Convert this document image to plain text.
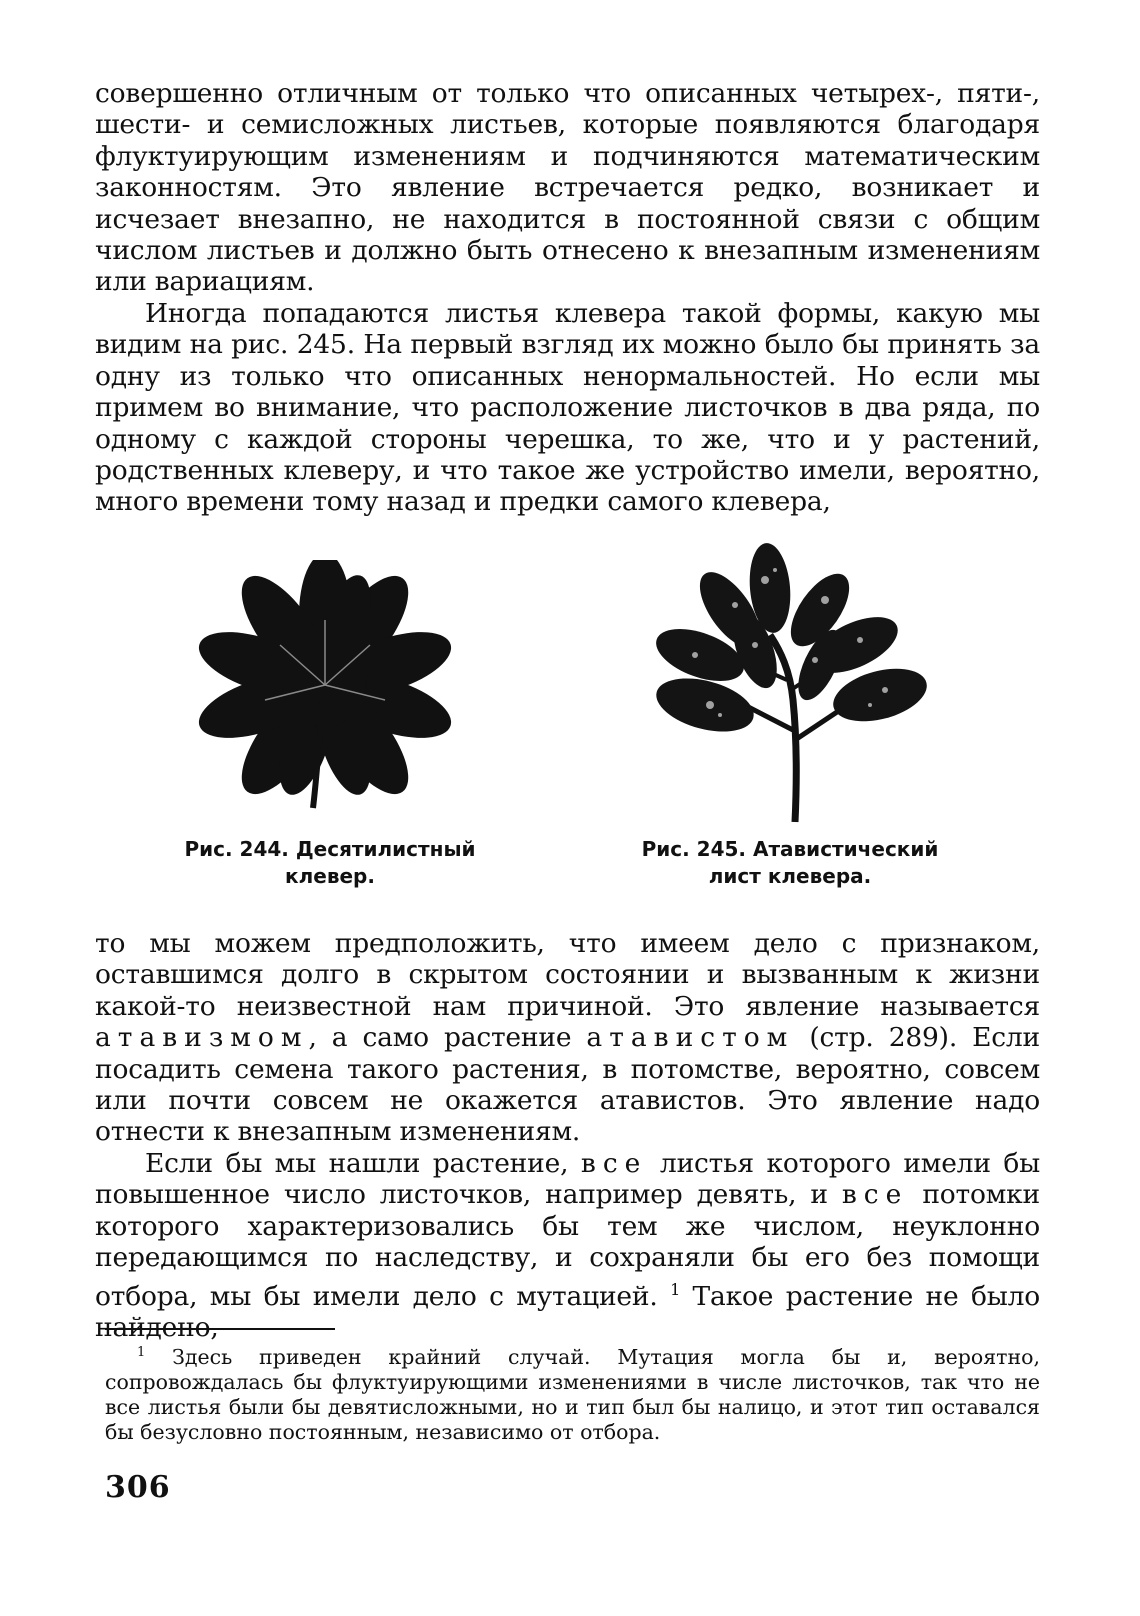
совершенно отличным от только что описанных четырех-, пяти-, шести- и семисложных листьев, которые появляются благодаря флуктуирующим изменениям и подчиняются математическим законностям. Это явление встречается редко, возникает и исчезает внезапно, не находится в постоянной связи с общим числом листьев и должно быть отнесено к внезапным изменениям или вариациям.

Иногда попадаются листья клевера такой формы, какую мы видим на рис. 245. На первый взгляд их можно было бы принять за одну из только что описанных ненормальностей. Но если мы примем во внимание, что расположение листочков в два ряда, по одному с каждой стороны черешка, то же, что и у растений, родственных клеверу, и что такое же устройство имели, вероятно, много времени тому назад и предки самого клевера,

Рис. 244. Десятилистный
клевер.
Рис. 245. Атавистический
лист клевера.

то мы можем предположить, что имеем дело с признаком, оставшимся долго в скрытом состоянии и вызванным к жизни какой-то неизвестной нам причиной. Это явление называется атавизмом, а само растение атавистом (стр. 289). Если посадить семена такого растения, в потомстве, вероятно, совсем или почти совсем не окажется атавистов. Это явление надо отнести к внезапным изменениям.

Если бы мы нашли растение, все листья которого имели бы повышенное число листочков, например девять, и все потомки которого характеризовались бы тем же числом, неуклонно передающимся по наследству, и сохраняли бы его без помощи отбора, мы бы имели дело с мутацией. $^1$ Такое растение не было найдено,

$^1$ Здесь приведен крайний случай. Мутация могла бы и, вероятно, сопровождалась бы флуктуирующими изменениями в числе листочков, так что не все листья были бы девятисложными, но и тип был бы налицо, и этот тип оставался бы безусловно постоянным, независимо от отбора.

306
